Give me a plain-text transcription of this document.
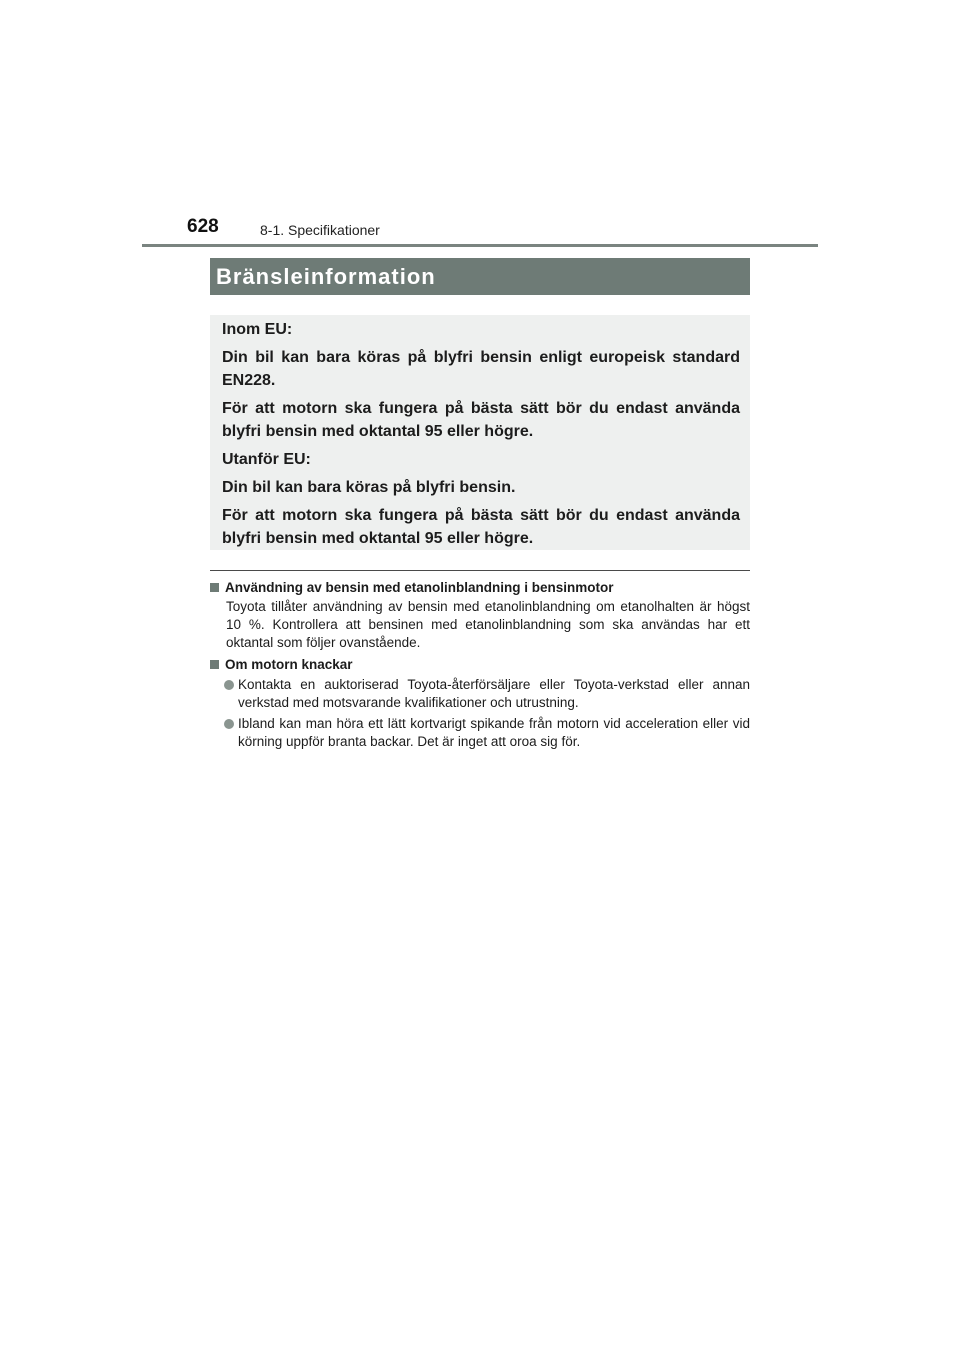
628	8-1. Specifikationer
Bränsleinformation

Inom EU:

Din bil kan bara köras på blyfri bensin enligt europeisk standard EN228.

För att motorn ska fungera på bästa sätt bör du endast använda blyfri bensin med oktantal 95 eller högre.

Utanför EU:

Din bil kan bara köras på blyfri bensin.

För att motorn ska fungera på bästa sätt bör du endast använda blyfri bensin med oktantal 95 eller högre.

Användning av bensin med etanolinblandning i bensinmotor
Toyota tillåter användning av bensin med etanolinblandning om etanolhalten är högst 10 %. Kontrollera att bensinen med etanolinblandning som ska användas har ett oktantal som följer ovanstående.
Om motorn knackar
Kontakta en auktoriserad Toyota-återförsäljare eller Toyota-verkstad eller annan verkstad med motsvarande kvalifikationer och utrustning.
Ibland kan man höra ett lätt kortvarigt spikande från motorn vid acceleration eller vid körning uppför branta backar. Det är inget att oroa sig för.
